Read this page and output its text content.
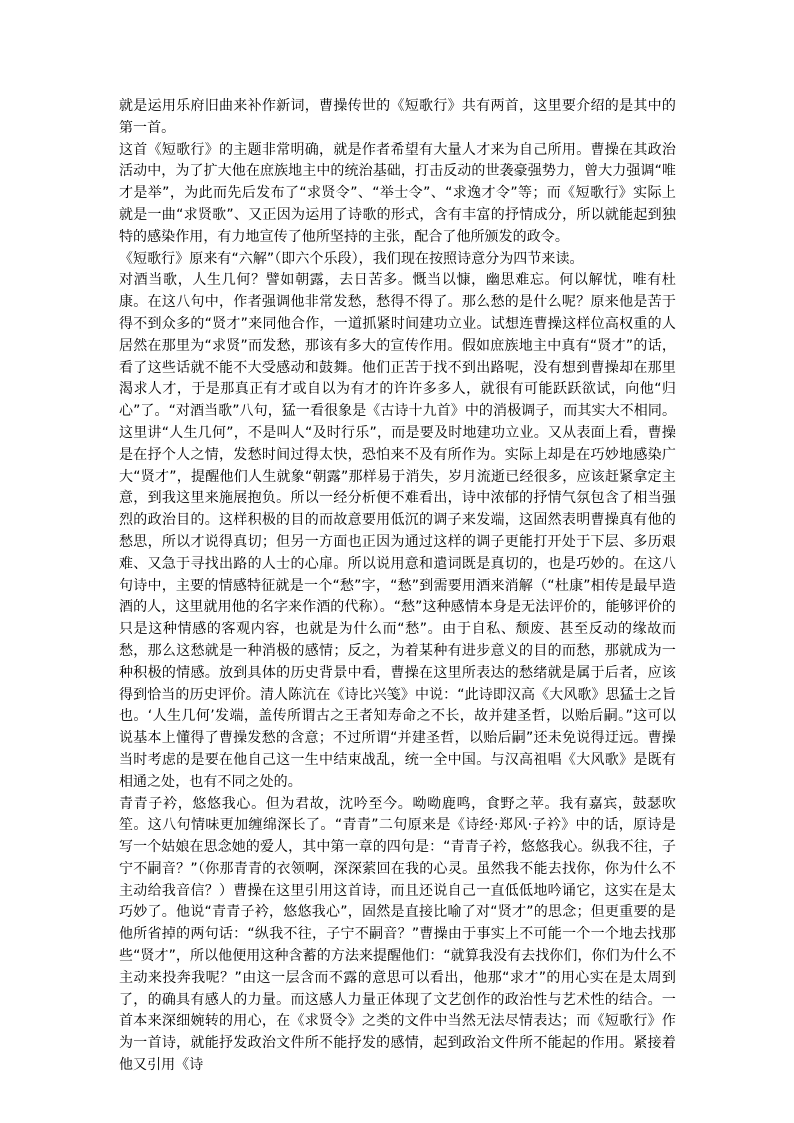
就是运用乐府旧曲来补作新词，曹操传世的《短歌行》共有两首，这里要介绍的是其中的第一首。

这首《短歌行》的主题非常明确，就是作者希望有大量人才来为自己所用。曹操在其政治活动中，为了扩大他在庶族地主中的统治基础，打击反动的世袭豪强势力，曾大力强调“唯才是举”，为此而先后发布了“求贤令”、“举士令”、“求逸才令”等；而《短歌行》实际上就是一曲“求贤歌”、又正因为运用了诗歌的形式，含有丰富的抒情成分，所以就能起到独特的感染作用，有力地宣传了他所坚持的主张，配合了他所颁发的政令。

《短歌行》原来有“六解”（即六个乐段），我们现在按照诗意分为四节来读。

对酒当歌，人生几何？譬如朝露，去日苦多。慨当以慷，幽思难忘。何以解忧，唯有杜康。在这八句中，作者强调他非常发愁，愁得不得了。那么愁的是什么呢？原来他是苦于得不到众多的“贤才”来同他合作，一道抓紧时间建功立业。试想连曹操这样位高权重的人居然在那里为“求贤”而发愁，那该有多大的宣传作用。假如庶族地主中真有“贤才”的话，看了这些话就不能不大受感动和鼓舞。他们正苦于找不到出路呢，没有想到曹操却在那里渴求人才，于是那真正有才或自以为有才的许许多多人，就很有可能跃跃欲试，向他“归心”了。“对酒当歌”八句，猛一看很象是《古诗十九首》中的消极调子，而其实大不相同。这里讲“人生几何”，不是叫人“及时行乐”，而是要及时地建功立业。又从表面上看，曹操是在抒个人之情，发愁时间过得太快，恐怕来不及有所作为。实际上却是在巧妙地感染广大“贤才”，提醒他们人生就象“朝露”那样易于消失，岁月流逝已经很多，应该赶紧拿定主意，到我这里来施展抱负。所以一经分析便不难看出，诗中浓郁的抒情气氛包含了相当强烈的政治目的。这样积极的目的而故意要用低沉的调子来发端，这固然表明曹操真有他的愁思，所以才说得真切；但另一方面也正因为通过这样的调子更能打开处于下层、多历艰难、又急于寻找出路的人士的心扉。所以说用意和遣词既是真切的，也是巧妙的。在这八句诗中，主要的情感特征就是一个“愁”字，“愁”到需要用酒来消解（“杜康”相传是最早造酒的人，这里就用他的名字来作酒的代称）。“愁”这种感情本身是无法评价的，能够评价的只是这种情感的客观内容，也就是为什么而“愁”。由于自私、颓废、甚至反动的缘故而愁，那么这愁就是一种消极的感情；反之，为着某种有进步意义的目的而愁，那就成为一种积极的情感。放到具体的历史背景中看，曹操在这里所表达的愁绪就是属于后者，应该得到恰当的历史评价。清人陈沆在《诗比兴笺》中说：“此诗即汉高《大风歌》思猛士之旨也。‘人生几何’发端，盖传所谓古之王者知寿命之不长，故并建圣哲，以贻后嗣。”这可以说基本上懂得了曹操发愁的含意；不过所谓“并建圣哲，以贻后嗣”还未免说得迂远。曹操当时考虑的是要在他自己这一生中结束战乱，统一全中国。与汉高祖唱《大风歌》是既有相通之处，也有不同之处的。

青青子衿，悠悠我心。但为君故，沈吟至今。呦呦鹿鸣，食野之苹。我有嘉宾，鼓瑟吹笙。这八句情味更加缠绵深长了。“青青”二句原来是《诗经·郑风·子衿》中的话，原诗是写一个姑娘在思念她的爱人，其中第一章的四句是：“青青子衿，悠悠我心。纵我不往，子宁不嗣音？”（你那青青的衣领啊，深深萦回在我的心灵。虽然我不能去找你，你为什么不主动给我音信？）曹操在这里引用这首诗，而且还说自己一直低低地吟诵它，这实在是太巧妙了。他说“青青子衿，悠悠我心”，固然是直接比喻了对“贤才”的思念；但更重要的是他所省掉的两句话：“纵我不往，子宁不嗣音？”曹操由于事实上不可能一个一个地去找那些“贤才”，所以他便用这种含蓄的方法来提醒他们：“就算我没有去找你们，你们为什么不主动来投奔我呢？”由这一层含而不露的意思可以看出，他那“求才”的用心实在是太周到了，的确具有感人的力量。而这感人力量正体现了文艺创作的政治性与艺术性的结合。一首本来深细婉转的用心，在《求贤令》之类的文件中当然无法尽情表达；而《短歌行》作为一首诗，就能抒发政治文件所不能抒发的感情，起到政治文件所不能起的作用。紧接着他又引用《诗
